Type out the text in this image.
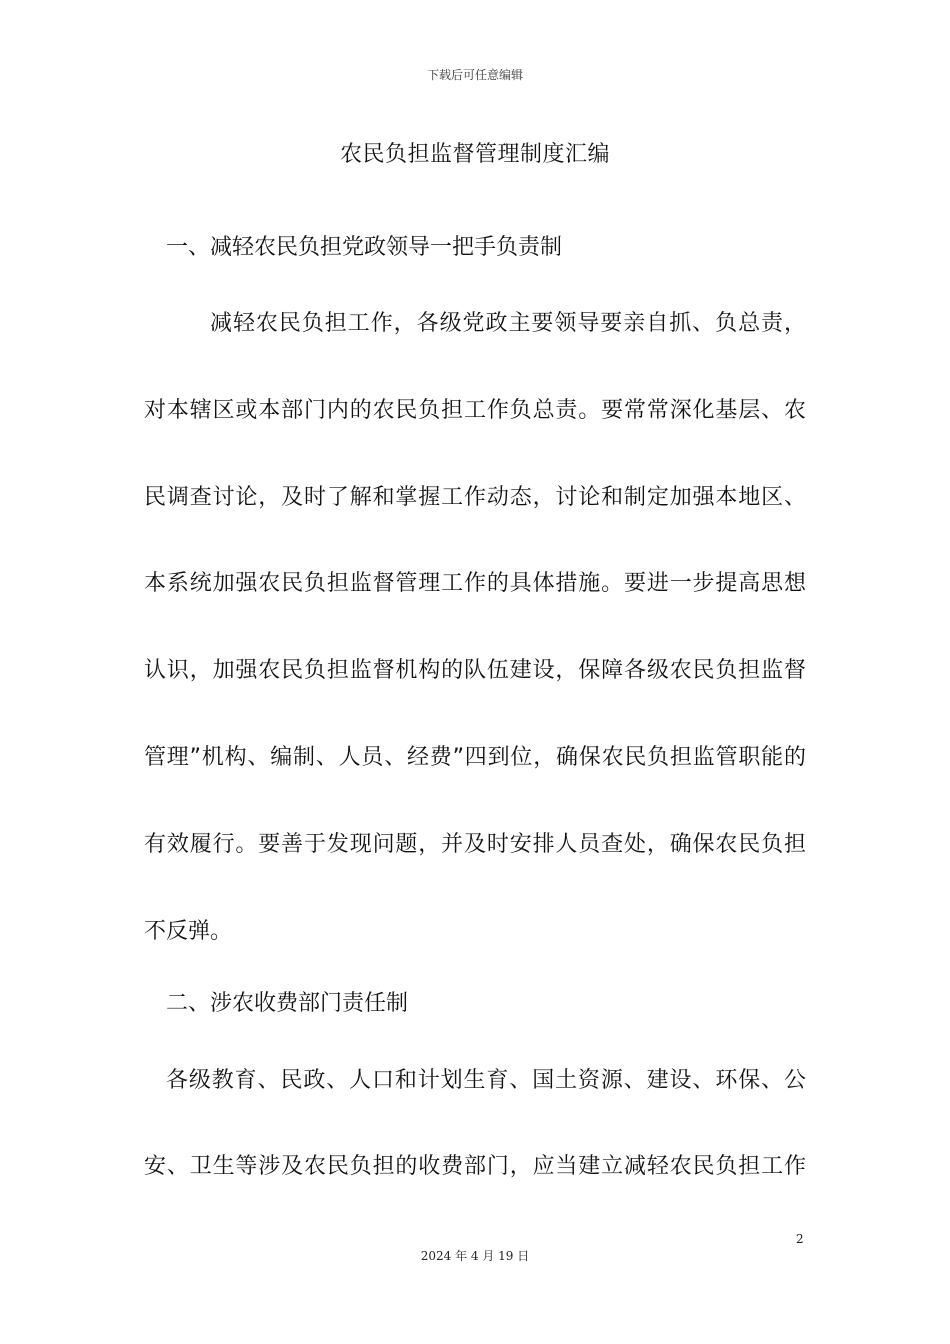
下载后可任意编辑
农民负担监督管理制度汇编
一、减轻农民负担党政领导一把手负责制
减轻农民负担工作，各级党政主要领导要亲自抓、负总责，
对本辖区或本部门内的农民负担工作负总责。要常常深化基层、农
民调查讨论，及时了解和掌握工作动态，讨论和制定加强本地区、
本系统加强农民负担监督管理工作的具体措施。要进一步提高思想
认识，加强农民负担监督机构的队伍建设，保障各级农民负担监督
管理”机构、编制、人员、经费”四到位，确保农民负担监管职能的
有效履行。要善于发现问题，并及时安排人员查处，确保农民负担
不反弹。
二、涉农收费部门责任制
各级教育、民政、人口和计划生育、国土资源、建设、环保、公
安、卫生等涉及农民负担的收费部门，应当建立减轻农民负担工作
2
2024 年 4 月 19 日
